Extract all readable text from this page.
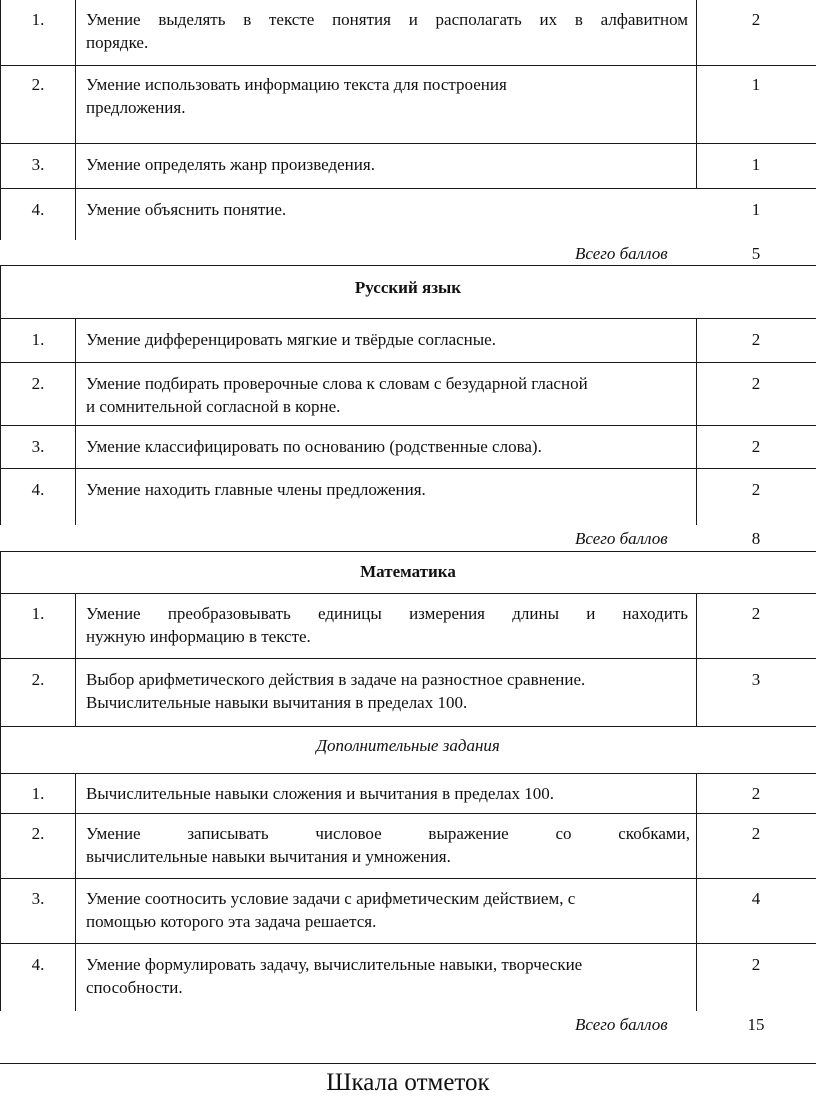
1.	Умение выделять в тексте понятия и располагать их в алфавитном
порядке.
2
2.	Умение использовать информацию текста для построения
предложения.
1
3.	Умение определять жанр произведения.	1
4.	Умение объяснить понятие.	1
Всего баллов	5
Русский язык
1.	Умение дифференцировать мягкие и твёрдые согласные.	2
2.	Умение подбирать проверочные слова к словам с безударной гласной
и сомнительной согласной в корне.
2
3.	Умение классифицировать по основанию (родственные слова).	2
4.	Умение находить главные члены предложения.	2
Всего баллов	8
Математика
1.	Умение преобразовывать единицы измерения длины и находить
нужную информацию в тексте.
2
2.	Выбор арифметического действия в задаче на разностное сравнение.
Вычислительные навыки вычитания в пределах 100.
3
Дополнительные задания
1.	Вычислительные навыки сложения и вычитания в пределах 100.	2
2.	Умение записывать числовое выражение со скобками,
вычислительные навыки вычитания и умножения.
2
3.	Умение соотносить условие задачи с арифметическим действием, с
помощью которого эта задача решается.
4
4.	Умение формулировать задачу, вычислительные навыки, творческие
способности.
2
Всего баллов	15
Шкала отметок
